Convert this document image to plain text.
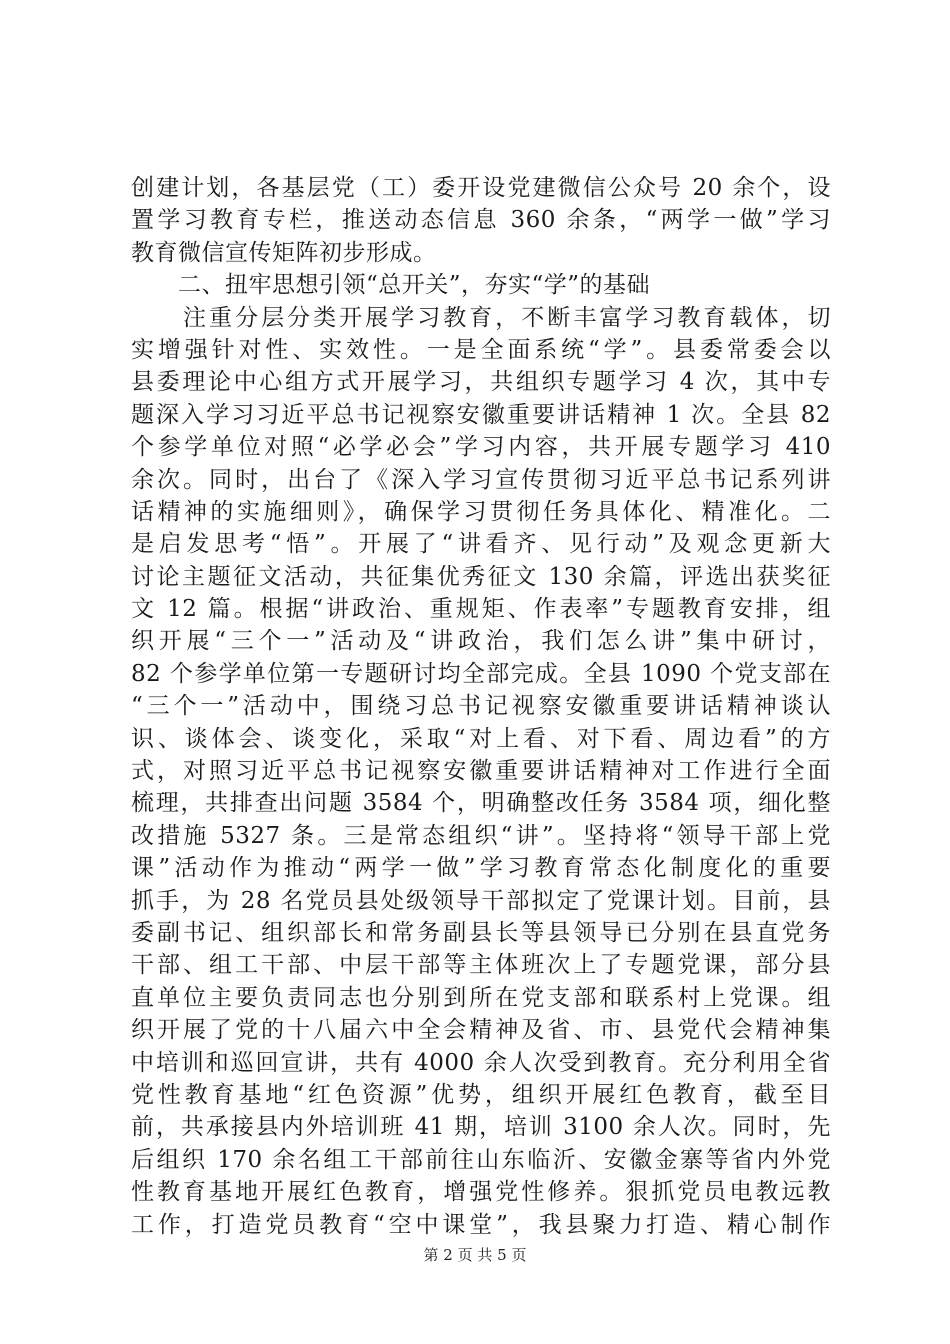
创建计划，各基层党（工）委开设党建微信公众号 20 余个，设
置学习教育专栏，推送动态信息 360 余条，“两学一做”学习
教育微信宣传矩阵初步形成。
　　二、扭牢思想引领“总开关”，夯实“学”的基础
　　注重分层分类开展学习教育，不断丰富学习教育载体，切
实增强针对性、实效性。一是全面系统“学”。县委常委会以
县委理论中心组方式开展学习，共组织专题学习 4 次，其中专
题深入学习习近平总书记视察安徽重要讲话精神 1 次。全县 82
个参学单位对照“必学必会”学习内容，共开展专题学习 410
余次。同时，出台了《深入学习宣传贯彻习近平总书记系列讲
话精神的实施细则》，确保学习贯彻任务具体化、精准化。二
是启发思考“悟”。开展了“讲看齐、见行动”及观念更新大
讨论主题征文活动，共征集优秀征文 130 余篇，评选出获奖征
文 12 篇。根据“讲政治、重规矩、作表率”专题教育安排，组
织开展“三个一”活动及“讲政治，我们怎么讲”集中研讨，
82 个参学单位第一专题研讨均全部完成。全县 1090 个党支部在
“三个一”活动中，围绕习总书记视察安徽重要讲话精神谈认
识、谈体会、谈变化，采取“对上看、对下看、周边看”的方
式，对照习近平总书记视察安徽重要讲话精神对工作进行全面
梳理，共排查出问题 3584 个，明确整改任务 3584 项，细化整
改措施 5327 条。三是常态组织“讲”。坚持将“领导干部上党
课”活动作为推动“两学一做”学习教育常态化制度化的重要
抓手，为 28 名党员县处级领导干部拟定了党课计划。目前，县
委副书记、组织部长和常务副县长等县领导已分别在县直党务
干部、组工干部、中层干部等主体班次上了专题党课，部分县
直单位主要负责同志也分别到所在党支部和联系村上党课。组
织开展了党的十八届六中全会精神及省、市、县党代会精神集
中培训和巡回宣讲，共有 4000 余人次受到教育。充分利用全省
党性教育基地“红色资源”优势，组织开展红色教育，截至目
前，共承接县内外培训班 41 期，培训 3100 余人次。同时，先
后组织 170 余名组工干部前往山东临沂、安徽金寨等省内外党
性教育基地开展红色教育，增强党性修养。狠抓党员电教远教
工作，打造党员教育“空中课堂”，我县聚力打造、精心制作
第 2 页 共 5 页
